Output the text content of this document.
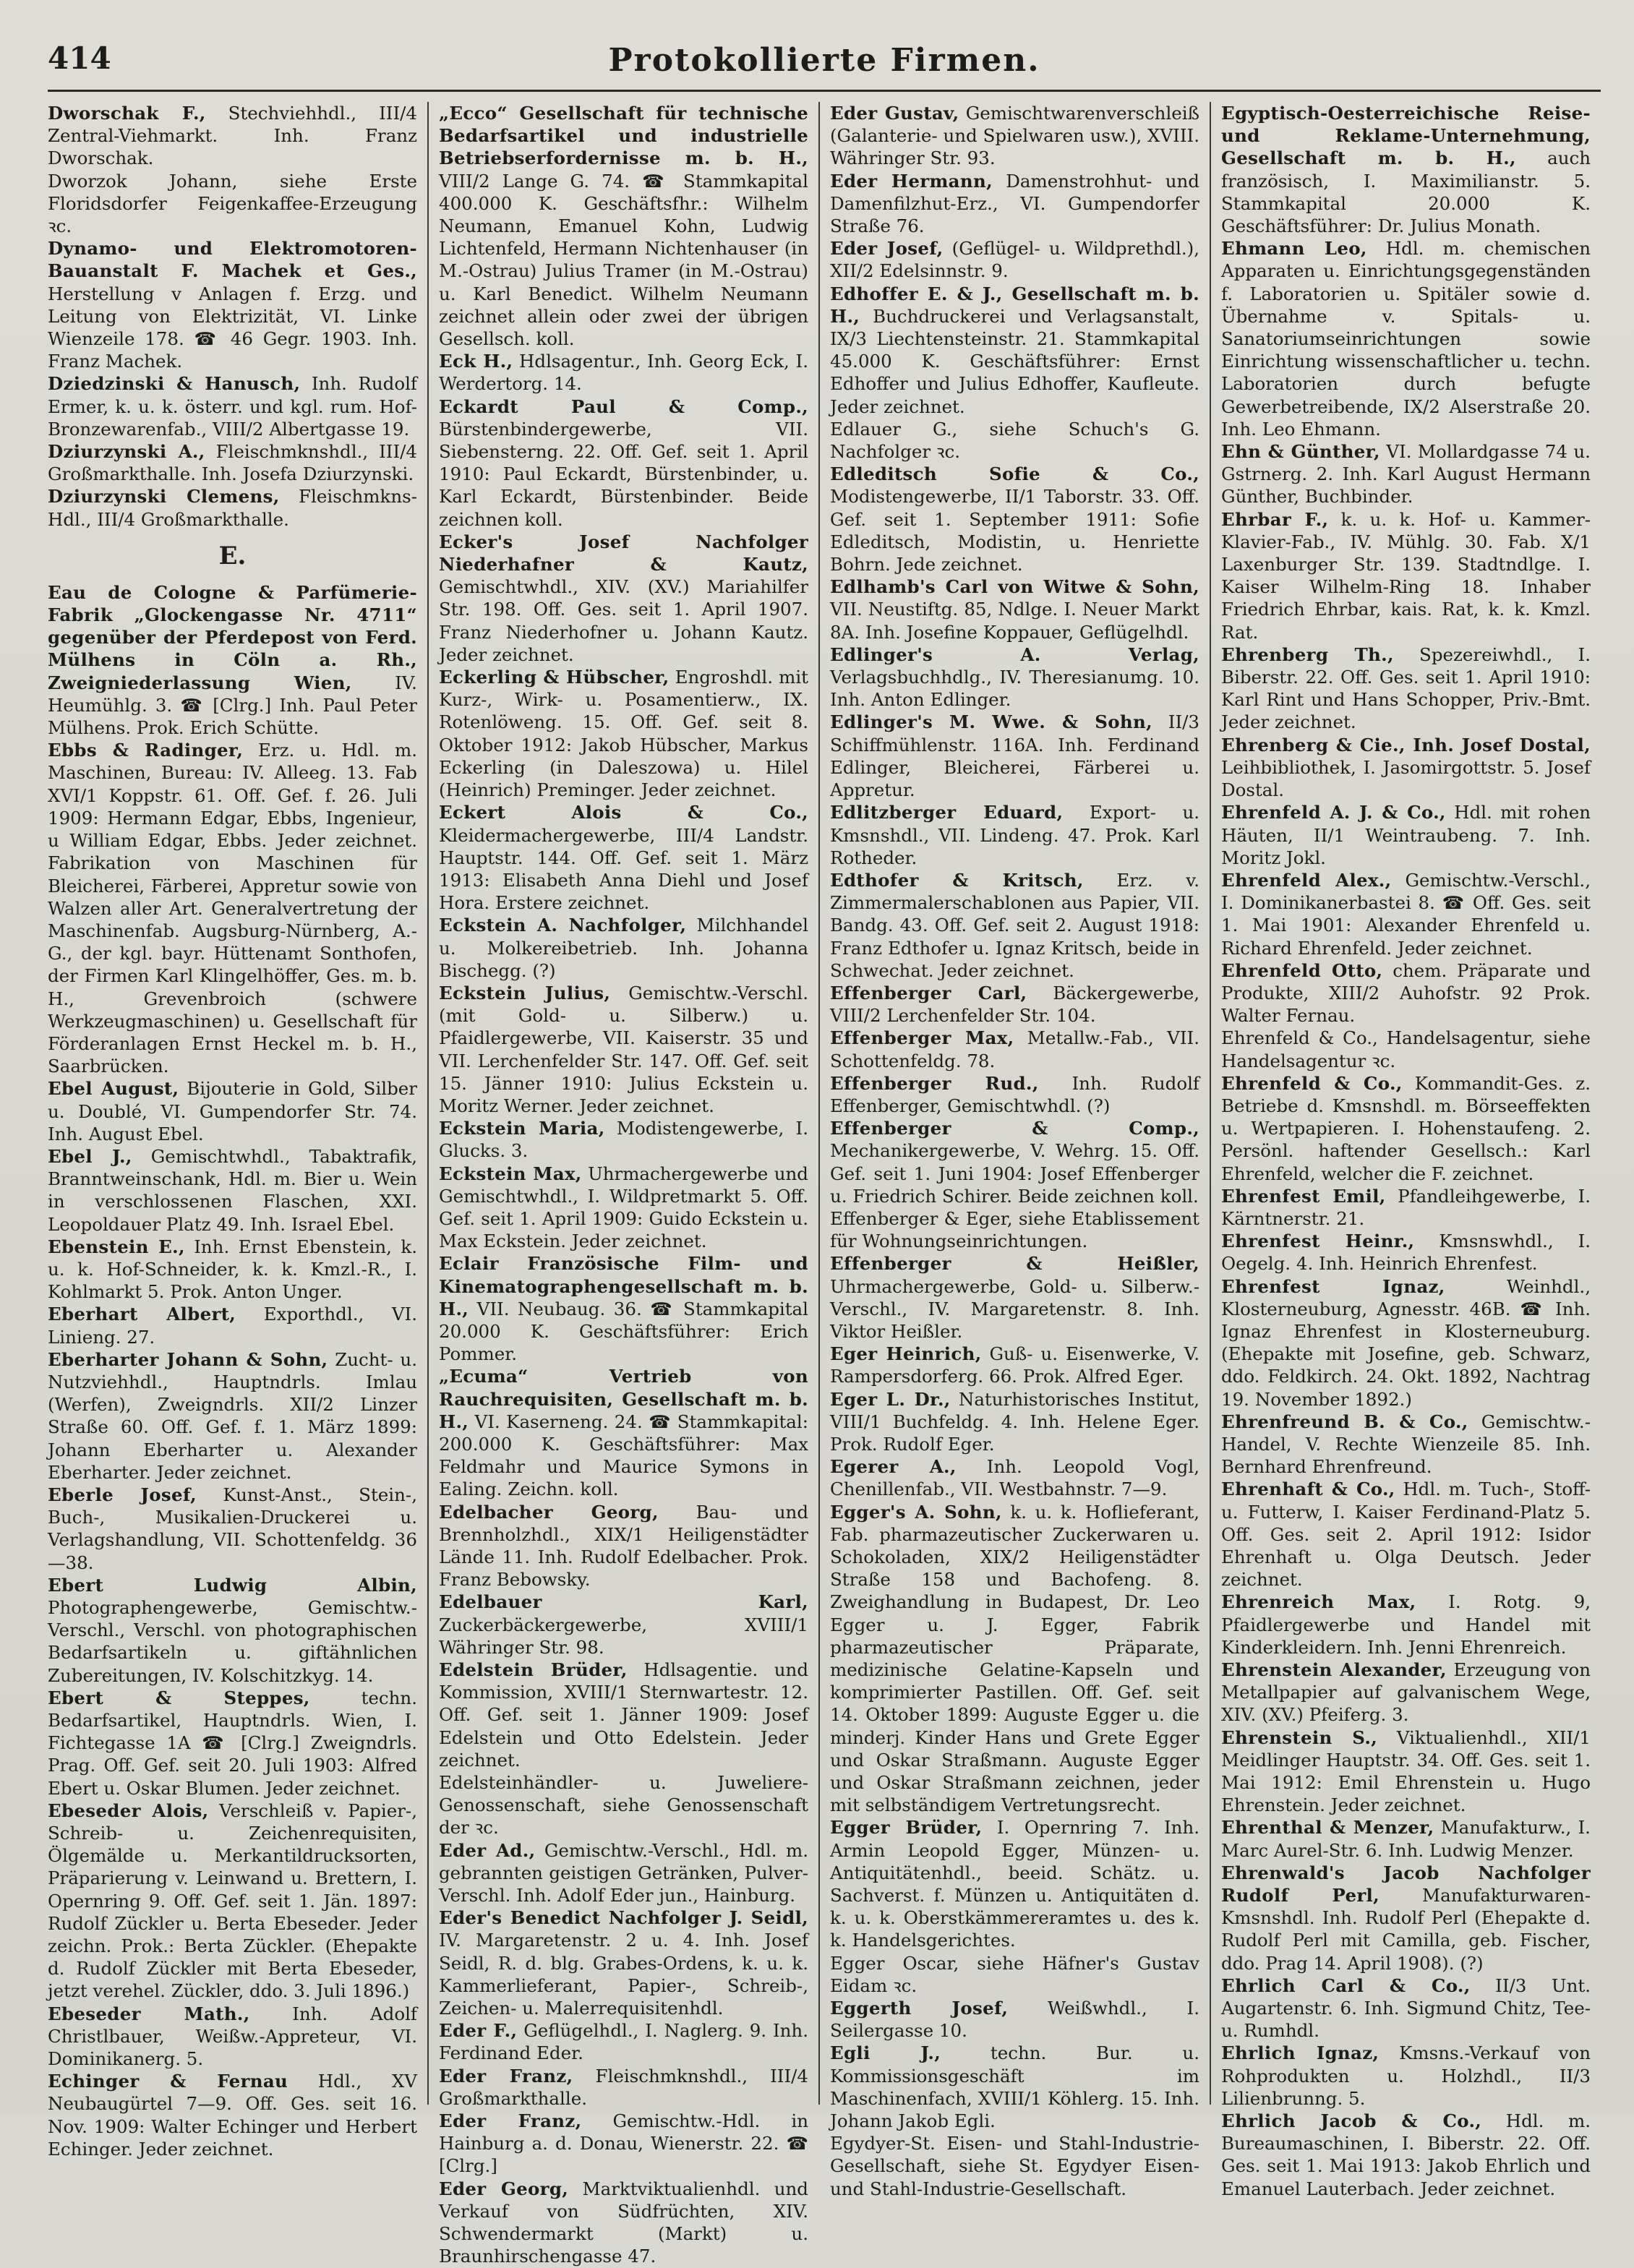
414	Protokollierte Firmen.

Dworschak F., Stechviehhdl., III/4 Zentral-Viehmarkt. Inh. Franz Dworschak.

Dworzok Johann, siehe Erste Floridsdorfer Feigenkaffee-Erzeugung ꝛc.

Dynamo- und Elektromotoren-Bauanstalt F. Machek et Ges., Herstellung v Anlagen f. Erzg. und Leitung von Elektrizität, VI. Linke Wienzeile 178. ☎ 46 Gegr. 1903. Inh. Franz Machek.

Dziedzinski & Hanusch, Inh. Rudolf Ermer, k. u. k. österr. und kgl. rum. Hof-Bronzewarenfab., VIII/2 Albertgasse 19.

Dziurzynski A., Fleischmknshdl., III/4 Großmarkthalle. Inh. Josefa Dziurzynski.

Dziurzynski Clemens, Fleischmkns-Hdl., III/4 Großmarkthalle.

E.

Eau de Cologne & Parfümerie-Fabrik „Glockengasse Nr. 4711“ gegenüber der Pferdepost von Ferd. Mülhens in Cöln a. Rh., Zweigniederlassung Wien, IV. Heumühlg. 3. ☎ [Clrg.] Inh. Paul Peter Mülhens. Prok. Erich Schütte.

Ebbs & Radinger, Erz. u. Hdl. m. Maschinen, Bureau: IV. Alleeg. 13. Fab XVI/1 Koppstr. 61. Off. Gef. f. 26. Juli 1909: Hermann Edgar, Ebbs, Ingenieur, u William Edgar, Ebbs. Jeder zeichnet. Fabrikation von Maschinen für Bleicherei, Färberei, Appretur sowie von Walzen aller Art. Generalvertretung der Maschinenfab. Augsburg-Nürnberg, A.-G., der kgl. bayr. Hüttenamt Sonthofen, der Firmen Karl Klingelhöffer, Ges. m. b. H., Grevenbroich (schwere Werkzeugmaschinen) u. Gesellschaft für Förderanlagen Ernst Heckel m. b. H., Saarbrücken.

Ebel August, Bijouterie in Gold, Silber u. Doublé, VI. Gumpendorfer Str. 74. Inh. August Ebel.

Ebel J., Gemischtwhdl., Tabaktrafik, Branntweinschank, Hdl. m. Bier u. Wein in verschlossenen Flaschen, XXI. Leopoldauer Platz 49. Inh. Israel Ebel.

Ebenstein E., Inh. Ernst Ebenstein, k. u. k. Hof-Schneider, k. k. Kmzl.-R., I. Kohlmarkt 5. Prok. Anton Unger.

Eberhart Albert, Exporthdl., VI. Linieng. 27.

Eberharter Johann & Sohn, Zucht- u. Nutzviehhdl., Hauptndrls. Imlau (Werfen), Zweigndrls. XII/2 Linzer Straße 60. Off. Gef. f. 1. März 1899: Johann Eberharter u. Alexander Eberharter. Jeder zeichnet.

Eberle Josef, Kunst-Anst., Stein-, Buch-, Musikalien-Druckerei u. Verlagshandlung, VII. Schottenfeldg. 36—38.

Ebert Ludwig Albin, Photographengewerbe, Gemischtw.-Verschl., Verschl. von photographischen Bedarfsartikeln u. giftähnlichen Zubereitungen, IV. Kolschitzkyg. 14.

Ebert & Steppes,	techn. Bedarfsartikel, Hauptndrls. Wien, I. Fichtegasse 1A ☎ [Clrg.] Zweigndrls. Prag. Off. Gef. seit 20. Juli 1903: Alfred Ebert u. Oskar Blumen. Jeder zeichnet.

Ebeseder Alois, Verschleiß v. Papier-, Schreib- u. Zeichenrequisiten, Ölgemälde u. Merkantildrucksorten, Präparierung v. Leinwand u. Brettern, I. Opernring 9. Off. Gef. seit 1. Jän. 1897: Rudolf Zückler u. Berta Ebeseder. Jeder zeichn. Prok.: Berta Zückler. (Ehepakte d. Rudolf Zückler mit Berta Ebeseder, jetzt verehel. Zückler, ddo. 3. Juli 1896.)

Ebeseder Math., Inh. Adolf Christlbauer, Weißw.-Appreteur, VI. Dominikanerg. 5.

Echinger & Fernau Hdl., XV Neubaugürtel 7—9. Off. Ges. seit 16. Nov. 1909: Walter Echinger und Herbert Echinger. Jeder zeichnet.

„Ecco“ Gesellschaft für technische Bedarfsartikel und industrielle Betriebserfordernisse m. b. H., VIII/2 Lange G. 74. ☎ Stammkapital 400.000 K. Geschäftsfhr.: Wilhelm Neumann, Emanuel Kohn, Ludwig Lichtenfeld, Hermann Nichtenhauser (in M.-Ostrau) Julius Tramer (in M.-Ostrau) u. Karl Benedict. Wilhelm Neumann zeichnet allein oder zwei der übrigen Gesellsch. koll.

Eck H., Hdlsagentur., Inh. Georg Eck, I. Werdertorg. 14.

Eckardt Paul & Comp., Bürstenbindergewerbe, VII. Siebensterng. 22. Off. Gef. seit 1. April 1910: Paul Eckardt, Bürstenbinder, u. Karl Eckardt, Bürstenbinder. Beide zeichnen koll.

Ecker's Josef Nachfolger Niederhafner & Kautz, Gemischtwhdl., XIV. (XV.) Mariahilfer Str. 198. Off. Ges. seit 1. April 1907. Franz Niederhofner u. Johann Kautz. Jeder zeichnet.

Eckerling & Hübscher, Engroshdl. mit Kurz-, Wirk- u. Posamentierw., IX. Rotenlöweng. 15. Off. Gef. seit 8. Oktober 1912: Jakob Hübscher, Markus Eckerling (in Daleszowa) u. Hilel (Heinrich) Preminger. Jeder zeichnet.

Eckert Alois & Co., Kleidermachergewerbe, III/4 Landstr. Hauptstr. 144. Off. Gef. seit 1. März 1913: Elisabeth Anna Diehl und Josef Hora. Erstere zeichnet.

Eckstein A. Nachfolger, Milchhandel u. Molkereibetrieb. Inh. Johanna Bischegg. (?)

Eckstein Julius, Gemischtw.-Verschl. (mit Gold- u. Silberw.) u. Pfaidlergewerbe, VII. Kaiserstr. 35 und VII. Lerchenfelder Str. 147. Off. Gef. seit 15. Jänner 1910: Julius Eckstein u. Moritz Werner. Jeder zeichnet.

Eckstein Maria, Modistengewerbe, I. Glucks. 3.

Eckstein Max, Uhrmachergewerbe und Gemischtwhdl., I. Wildpretmarkt 5. Off. Gef. seit 1. April 1909: Guido Eckstein u. Max Eckstein. Jeder zeichnet.

Eclair Französische Film- und Kinematographengesellschaft m. b. H., VII. Neubaug. 36. ☎ Stammkapital 20.000 K. Geschäftsführer: Erich Pommer.

„Ecuma“ Vertrieb von Rauchrequisiten, Gesellschaft m. b. H., VI. Kaserneng. 24. ☎ Stammkapital: 200.000 K. Geschäftsführer: Max Feldmahr und Maurice Symons in Ealing. Zeichn. koll.

Edelbacher Georg, Bau- und Brennholzhdl., XIX/1 Heiligenstädter Lände 11. Inh. Rudolf Edelbacher. Prok. Franz Bebowsky.

Edelbauer Karl, Zuckerbäckergewerbe, XVIII/1 Währinger Str. 98.

Edelstein Brüder, Hdlsagentie. und Kommission, XVIII/1 Sternwartestr. 12. Off. Gef. seit 1. Jänner 1909: Josef Edelstein und Otto Edelstein. Jeder zeichnet.

Edelsteinhändler- u. Juweliere-Genossenschaft, siehe Genossenschaft der ꝛc.

Eder Ad., Gemischtw.-Verschl., Hdl. m. gebrannten geistigen Getränken, Pulver-Verschl. Inh. Adolf Eder jun., Hainburg.

Eder's Benedict Nachfolger J. Seidl, IV. Margaretenstr. 2 u. 4. Inh. Josef Seidl, R. d. blg. Grabes-Ordens, k. u. k. Kammerlieferant, Papier-, Schreib-, Zeichen- u. Malerrequisitenhdl.

Eder F., Geflügelhdl., I. Naglerg. 9. Inh. Ferdinand Eder.

Eder Franz, Fleischmknshdl., III/4 Großmarkthalle.

Eder Franz, Gemischtw.-Hdl. in Hainburg a. d. Donau, Wienerstr. 22. ☎ [Clrg.]

Eder Georg, Marktviktualienhdl. und Verkauf von Südfrüchten, XIV. Schwendermarkt (Markt) u. Braunhirschengasse 47.

Eder Gustav, Gemischtwarenverschleiß (Galanterie- und Spielwaren usw.), XVIII. Währinger Str. 93.

Eder Hermann, Damenstrohhut- und Damenfilzhut-Erz., VI. Gumpendorfer Straße 76.

Eder Josef, (Geflügel- u. Wildprethdl.), XII/2 Edelsinnstr. 9.

Edhoffer E. & J., Gesellschaft m. b. H., Buchdruckerei und Verlagsanstalt, IX/3 Liechtensteinstr. 21. Stammkapital 45.000 K. Geschäftsführer: Ernst Edhoffer und Julius Edhoffer, Kaufleute. Jeder zeichnet.

Edlauer G., siehe Schuch's G. Nachfolger ꝛc.

Edleditsch Sofie & Co., Modistengewerbe, II/1 Taborstr. 33. Off. Gef. seit 1. September 1911: Sofie Edleditsch, Modistin, u. Henriette Bohrn. Jede zeichnet.

Edlhamb's Carl von Witwe & Sohn, VII. Neustiftg. 85, Ndlge. I. Neuer Markt 8A. Inh. Josefine Koppauer, Geflügelhdl.

Edlinger's A. Verlag, Verlagsbuchhdlg., IV. Theresianumg. 10. Inh. Anton Edlinger.

Edlinger's M. Wwe. & Sohn, II/3 Schiffmühlenstr. 116A. Inh. Ferdinand Edlinger, Bleicherei, Färberei u. Appretur.

Edlitzberger Eduard, Export- u. Kmsnshdl., VII. Lindeng. 47. Prok. Karl Rotheder.

Edthofer & Kritsch, Erz. v. Zimmermalerschablonen aus Papier, VII. Bandg. 43. Off. Gef. seit 2. August 1918: Franz Edthofer u. Ignaz Kritsch, beide in Schwechat. Jeder zeichnet.

Effenberger Carl, Bäckergewerbe, VIII/2 Lerchenfelder Str. 104.

Effenberger Max, Metallw.-Fab., VII. Schottenfeldg. 78.

Effenberger Rud., Inh. Rudolf Effenberger, Gemischtwhdl. (?)

Effenberger & Comp., Mechanikergewerbe, V. Wehrg. 15. Off. Gef. seit 1. Juni 1904: Josef Effenberger u. Friedrich Schirer. Beide zeichnen koll.

Effenberger & Eger, siehe Etablissement für Wohnungseinrichtungen.

Effenberger & Heißler, Uhrmachergewerbe, Gold- u. Silberw.-Verschl., IV. Margaretenstr. 8. Inh. Viktor Heißler.

Eger Heinrich, Guß- u. Eisenwerke, V. Rampersdorferg. 66. Prok. Alfred Eger.

Eger L. Dr., Naturhistorisches Institut, VIII/1 Buchfeldg. 4. Inh. Helene Eger. Prok. Rudolf Eger.

Egerer A., Inh. Leopold Vogl, Chenillenfab., VII. Westbahnstr. 7—9.

Egger's A. Sohn, k. u. k. Hoflieferant, Fab. pharmazeutischer Zuckerwaren u. Schokoladen, XIX/2 Heiligenstädter Straße 158 und Bachofeng. 8. Zweighandlung in Budapest, Dr. Leo Egger u. J. Egger, Fabrik pharmazeutischer Präparate, medizinische Gelatine-Kapseln und komprimierter Pastillen. Off. Gef. seit 14. Oktober 1899: Auguste Egger u. die minderj. Kinder Hans und Grete Egger und Oskar Straßmann. Auguste Egger und Oskar Straßmann zeichnen, jeder mit selbständigem Vertretungsrecht.

Egger Brüder, I. Opernring 7. Inh. Armin Leopold Egger, Münzen- u. Antiquitätenhdl., beeid. Schätz. u. Sachverst. f. Münzen u. Antiquitäten d. k. u. k. Oberstkämmereramtes u. des k. k. Handelsgerichtes.

Egger Oscar, siehe Häfner's Gustav Eidam ꝛc.

Eggerth Josef, Weißwhdl., I. Seilergasse 10.

Egli J.,	techn. Bur. u. Kommissionsgeschäft im Maschinenfach, XVIII/1 Köhlerg. 15. Inh. Johann Jakob Egli.

Egydyer-St. Eisen- und Stahl-Industrie-Gesellschaft, siehe St. Egydyer Eisen- und Stahl-Industrie-Gesellschaft.

Egyptisch-Oesterreichische Reise- und Reklame-Unternehmung, Gesellschaft m. b. H., auch französisch, I. Maximilianstr. 5. Stammkapital 20.000 K. Geschäftsführer: Dr. Julius Monath.

Ehmann Leo, Hdl. m. chemischen Apparaten u. Einrichtungsgegenständen f. Laboratorien u. Spitäler sowie d. Übernahme v. Spitals- u. Sanatoriumseinrichtungen sowie Einrichtung wissenschaftlicher u. techn. Laboratorien durch befugte Gewerbetreibende, IX/2 Alserstraße 20. Inh. Leo Ehmann.

Ehn & Günther, VI. Mollardgasse 74 u. Gstrnerg. 2. Inh. Karl August Hermann Günther, Buchbinder.

Ehrbar F., k. u. k. Hof- u. Kammer-Klavier-Fab., IV. Mühlg. 30. Fab. X/1 Laxenburger Str. 139. Stadtndlge. I. Kaiser Wilhelm-Ring 18. Inhaber Friedrich Ehrbar, kais. Rat, k. k. Kmzl. Rat.

Ehrenberg Th., Spezereiwhdl., I. Biberstr. 22. Off. Ges. seit 1. April 1910: Karl Rint und Hans Schopper, Priv.-Bmt. Jeder zeichnet.

Ehrenberg & Cie., Inh. Josef Dostal, Leihbibliothek, I. Jasomirgottstr. 5. Josef Dostal.

Ehrenfeld A. J. & Co., Hdl. mit rohen Häuten, II/1 Weintraubeng. 7. Inh. Moritz Jokl.

Ehrenfeld Alex., Gemischtw.-Verschl., I. Dominikanerbastei 8. ☎ Off. Ges. seit 1. Mai 1901: Alexander Ehrenfeld u. Richard Ehrenfeld. Jeder zeichnet.

Ehrenfeld Otto, chem. Präparate und Produkte, XIII/2 Auhofstr. 92 Prok. Walter Fernau.

Ehrenfeld & Co., Handelsagentur, siehe Handelsagentur ꝛc.

Ehrenfeld & Co., Kommandit-Ges. z. Betriebe d. Kmsnshdl. m. Börseeffekten u. Wertpapieren. I. Hohenstaufeng. 2. Persönl. haftender Gesellsch.: Karl Ehrenfeld, welcher die F. zeichnet.

Ehrenfest Emil, Pfandleihgewerbe, I. Kärntnerstr. 21.

Ehrenfest Heinr., Kmsnswhdl., I. Oegelg. 4. Inh. Heinrich Ehrenfest.

Ehrenfest Ignaz,	Weinhdl., Klosterneuburg, Agnesstr. 46B. ☎ Inh. Ignaz Ehrenfest in Klosterneuburg. (Ehepakte mit Josefine, geb. Schwarz, ddo. Feldkirch. 24. Okt. 1892, Nachtrag 19. November 1892.)

Ehrenfreund B. & Co., Gemischtw.-Handel, V. Rechte Wienzeile 85. Inh. Bernhard Ehrenfreund.

Ehrenhaft & Co., Hdl. m. Tuch-, Stoff- u. Futterw, I. Kaiser Ferdinand-Platz 5. Off. Ges. seit 2. April 1912: Isidor Ehrenhaft u. Olga Deutsch. Jeder zeichnet.

Ehrenreich Max, I. Rotg. 9, Pfaidlergewerbe und Handel mit Kinderkleidern. Inh. Jenni Ehrenreich.

Ehrenstein Alexander, Erzeugung von Metallpapier auf galvanischem Wege, XIV. (XV.) Pfeiferg. 3.

Ehrenstein S., Viktualienhdl., XII/1 Meidlinger Hauptstr. 34. Off. Ges. seit 1. Mai 1912: Emil Ehrenstein u. Hugo Ehrenstein. Jeder zeichnet.

Ehrenthal & Menzer, Manufakturw., I. Marc Aurel-Str. 6. Inh. Ludwig Menzer.

Ehrenwald's Jacob Nachfolger Rudolf Perl, Manufakturwaren-Kmsnshdl. Inh. Rudolf Perl (Ehepakte d. Rudolf Perl mit Camilla, geb. Fischer, ddo. Prag 14. April 1908). (?)

Ehrlich Carl & Co., II/3 Unt. Augartenstr. 6. Inh. Sigmund Chitz, Tee- u. Rumhdl.

Ehrlich Ignaz, Kmsns.-Verkauf von Rohprodukten u. Holzhdl., II/3 Lilienbrunng. 5.

Ehrlich Jacob & Co., Hdl. m. Bureaumaschinen, I. Biberstr. 22. Off. Ges. seit 1. Mai 1913: Jakob Ehrlich und Emanuel Lauterbach. Jeder zeichnet.
